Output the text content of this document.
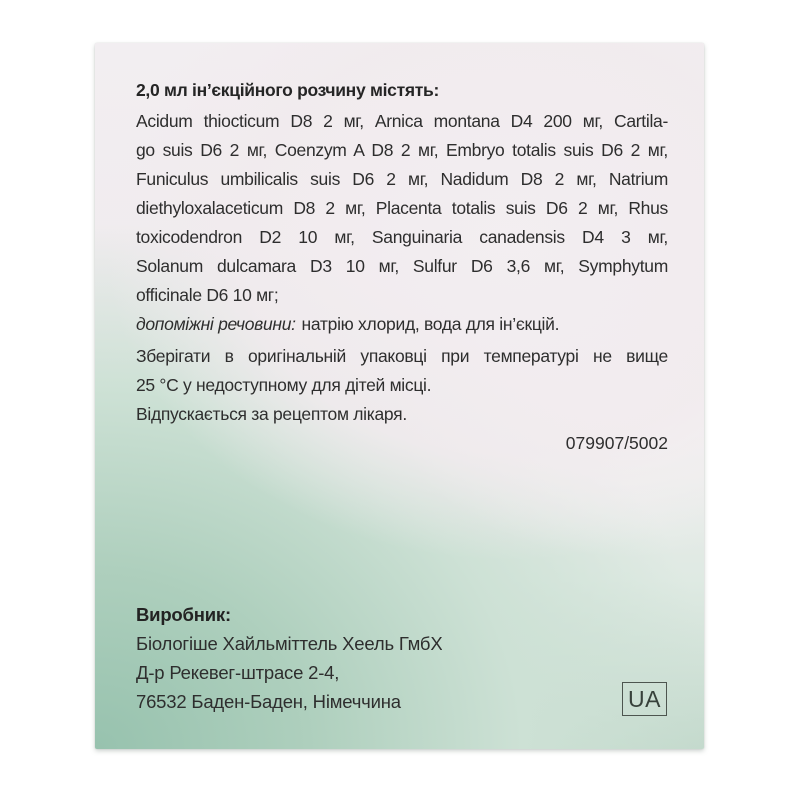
2,0 мл ін’єкційного розчину містять:
Acidum thiocticum D8 2 мг, Arnica montana D4 200 мг, Cartila-
go suis D6 2 мг, Coenzym A D8 2 мг, Embryo totalis suis D6 2 мг,
Funiculus umbilicalis suis D6 2 мг, Nadidum D8 2 мг, Natrium
diethyloxalaceticum D8 2 мг, Placenta totalis suis D6 2 мг, Rhus
toxicodendron D2 10 мг, Sanguinaria canadensis D4 3 мг,
Solanum dulcamara D3 10 мг, Sulfur D6 3,6 мг, Symphytum
officinale D6 10 мг;
допоміжні речовини: натрію хлорид, вода для ін’єкцій.
Зберігати в оригінальній упаковці при температурі не вище
25 °C у недоступному для дітей місці.
Відпускається за рецептом лікаря.
079907/5002
Виробник:
Біологіше Хайльміттель Хеель ГмбХ
Д-р Рекевег-штрасе 2-4,
76532 Баден-Баден, Німеччина	UA
